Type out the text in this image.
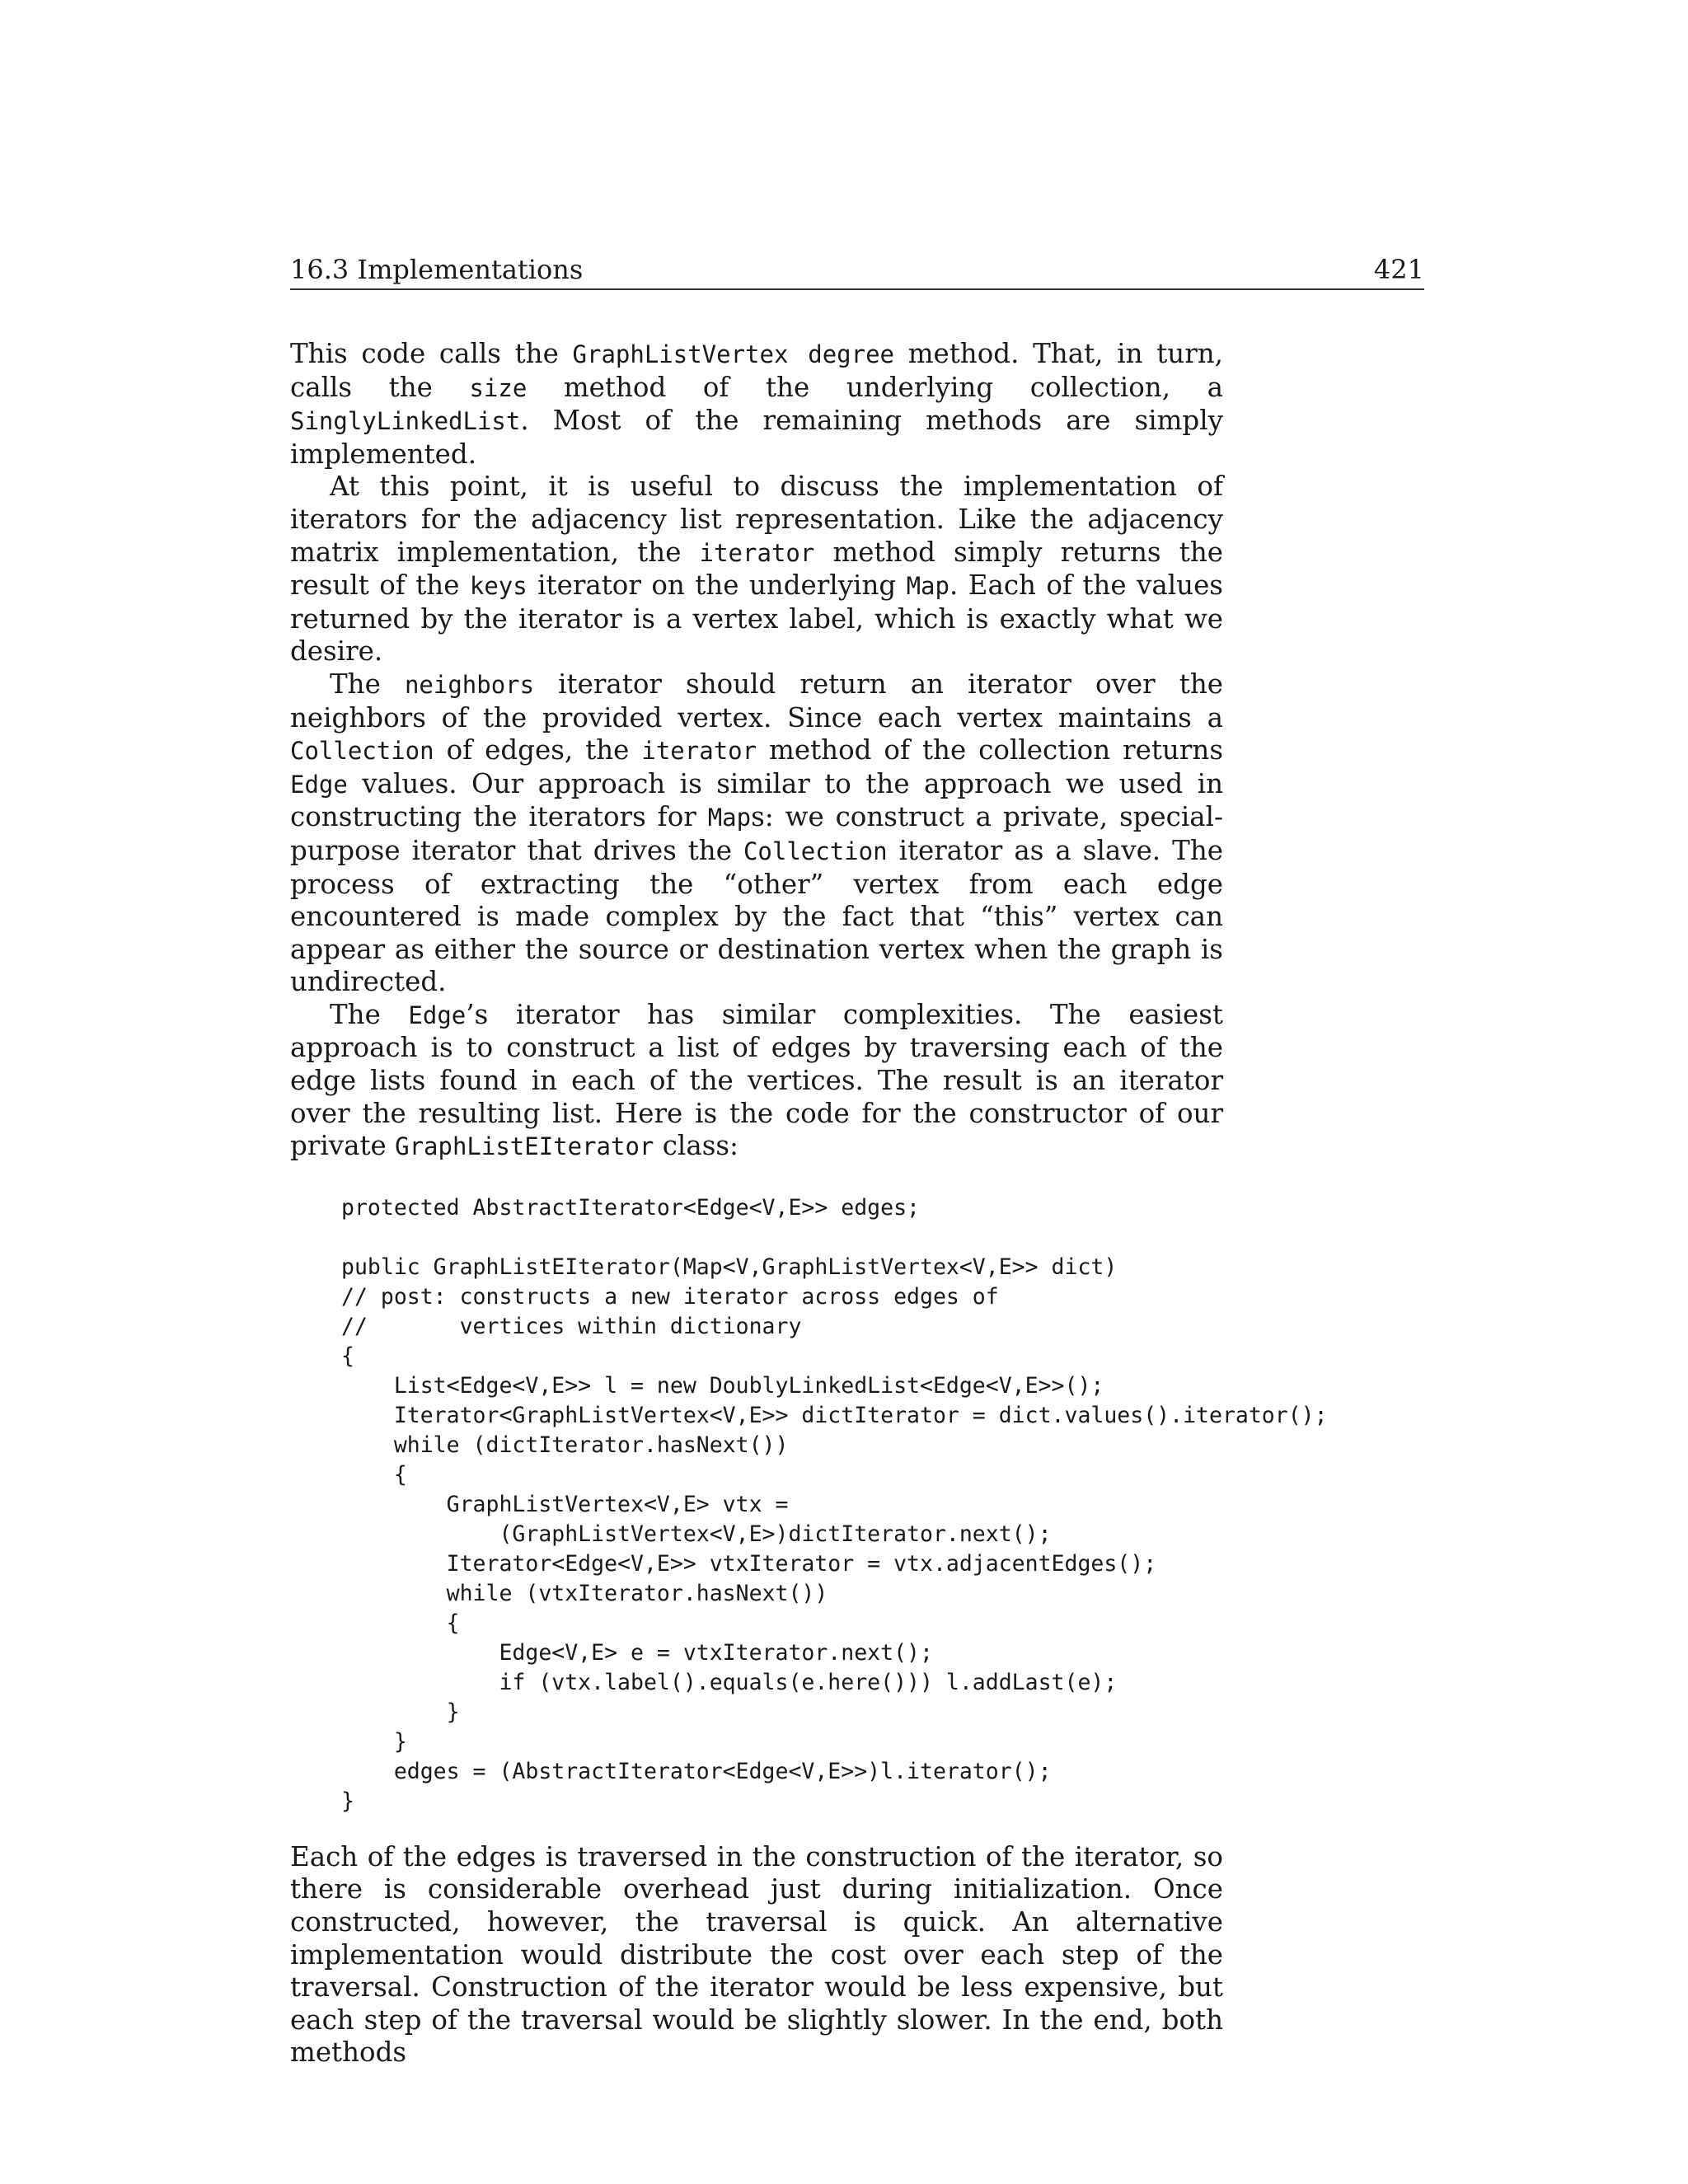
16.3 Implementations	421

This code calls the GraphListVertex degree method. That, in turn, calls the size method of the underlying collection, a SinglyLinkedList. Most of the remaining methods are simply implemented.

At this point, it is useful to discuss the implementation of iterators for the adjacency list representation. Like the adjacency matrix implementation, the iterator method simply returns the result of the keys iterator on the underlying Map. Each of the values returned by the iterator is a vertex label, which is exactly what we desire.

The neighbors iterator should return an iterator over the neighbors of the provided vertex. Since each vertex maintains a Collection of edges, the iterator method of the collection returns Edge values. Our approach is similar to the approach we used in constructing the iterators for Maps: we construct a private, special-purpose iterator that drives the Collection iterator as a slave. The process of extracting the “other” vertex from each edge encountered is made complex by the fact that “this” vertex can appear as either the source or destination vertex when the graph is undirected.

The Edge’s iterator has similar complexities. The easiest approach is to construct a list of edges by traversing each of the edge lists found in each of the vertices. The result is an iterator over the resulting list. Here is the code for the constructor of our private GraphListEIterator class:

protected AbstractIterator<Edge<V,E>> edges;
public GraphListEIterator(Map<V,GraphListVertex<V,E>> dict)
// post: constructs a new iterator across edges of
//       vertices within dictionary
{
List<Edge<V,E>> l = new DoublyLinkedList<Edge<V,E>>();
Iterator<GraphListVertex<V,E>> dictIterator = dict.values().iterator();
while (dictIterator.hasNext())
{
GraphListVertex<V,E> vtx =
(GraphListVertex<V,E>)dictIterator.next();
Iterator<Edge<V,E>> vtxIterator = vtx.adjacentEdges();
while (vtxIterator.hasNext())
{
Edge<V,E> e = vtxIterator.next();
if (vtx.label().equals(e.here())) l.addLast(e);
}
}
edges = (AbstractIterator<Edge<V,E>>)l.iterator();
}

Each of the edges is traversed in the construction of the iterator, so there is considerable overhead just during initialization. Once constructed, however, the traversal is quick. An alternative implementation would distribute the cost over each step of the traversal. Construction of the iterator would be less expensive, but each step of the traversal would be slightly slower. In the end, both methods
